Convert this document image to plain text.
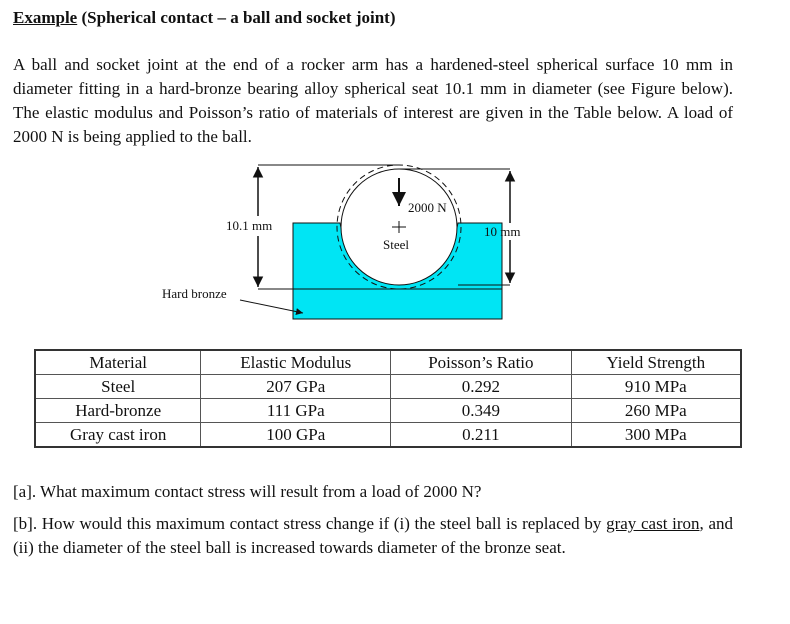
Example (Spherical contact – a ball and socket joint)

A ball and socket joint at the end of a rocker arm has a hardened-steel spherical surface 10 mm in diameter fitting in a hard-bronze bearing alloy spherical seat 10.1 mm in diameter (see Figure below). The elastic modulus and Poisson’s ratio of materials of interest are given in the Table below. A load of 2000 N is being applied to the ball.

10.1 mm	10 mm
2000 N
Steel
Hard bronze
Material	Elastic Modulus	Poisson’s Ratio	Yield Strength
Steel	207 GPa	0.292	910 MPa
Hard-bronze	111 GPa	0.349	260 MPa
Gray cast iron	100 GPa	0.211	300 MPa

[a]. What maximum contact stress will result from a load of 2000 N?

[b]. How would this maximum contact stress change if (i) the steel ball is replaced by gray cast iron, and (ii) the diameter of the steel ball is increased towards diameter of the bronze seat.
